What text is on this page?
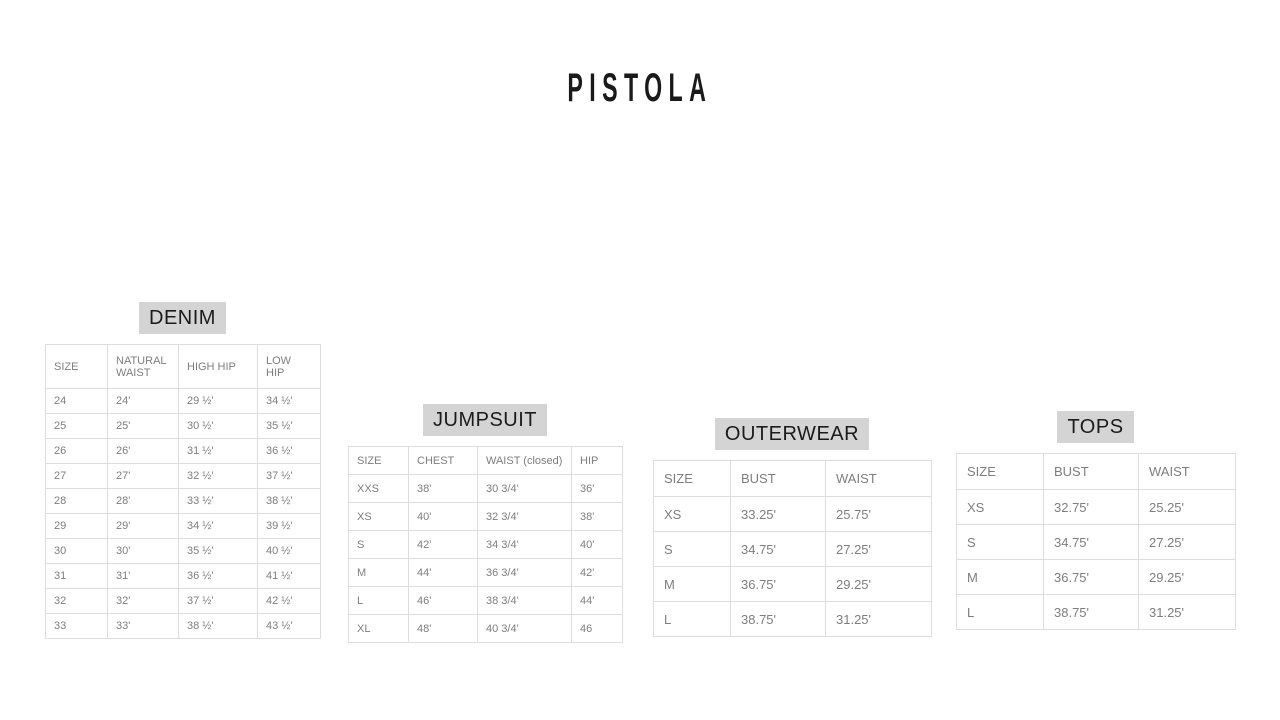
PISTOLA
DENIM
SIZE	NATURAL WAIST	HIGH HIP	LOW HIP
24	24'	29 ½'	34 ½'
25	25'	30 ½'	35 ½'
26	26'	31 ½'	36 ½'
27	27'	32 ½'	37 ½'
28	28'	33 ½'	38 ½'
29	29'	34 ½'	39 ½'
30	30'	35 ½'	40 ½'
31	31'	36 ½'	41 ½'
32	32'	37 ½'	42 ½'
33	33'	38 ½'	43 ½'
JUMPSUIT
SIZE	CHEST	WAIST (closed)	HIP
XXS	38'	30 3/4'	36'
XS	40'	32 3/4'	38'
S	42'	34 3/4'	40'
M	44'	36 3/4'	42'
L	46'	38 3/4'	44'
XL	48'	40 3/4'	46
OUTERWEAR
SIZE	BUST	WAIST
XS	33.25'	25.75'
S	34.75'	27.25'
M	36.75'	29.25'
L	38.75'	31.25'
TOPS
SIZE	BUST	WAIST
XS	32.75'	25.25'
S	34.75'	27.25'
M	36.75'	29.25'
L	38.75'	31.25'
